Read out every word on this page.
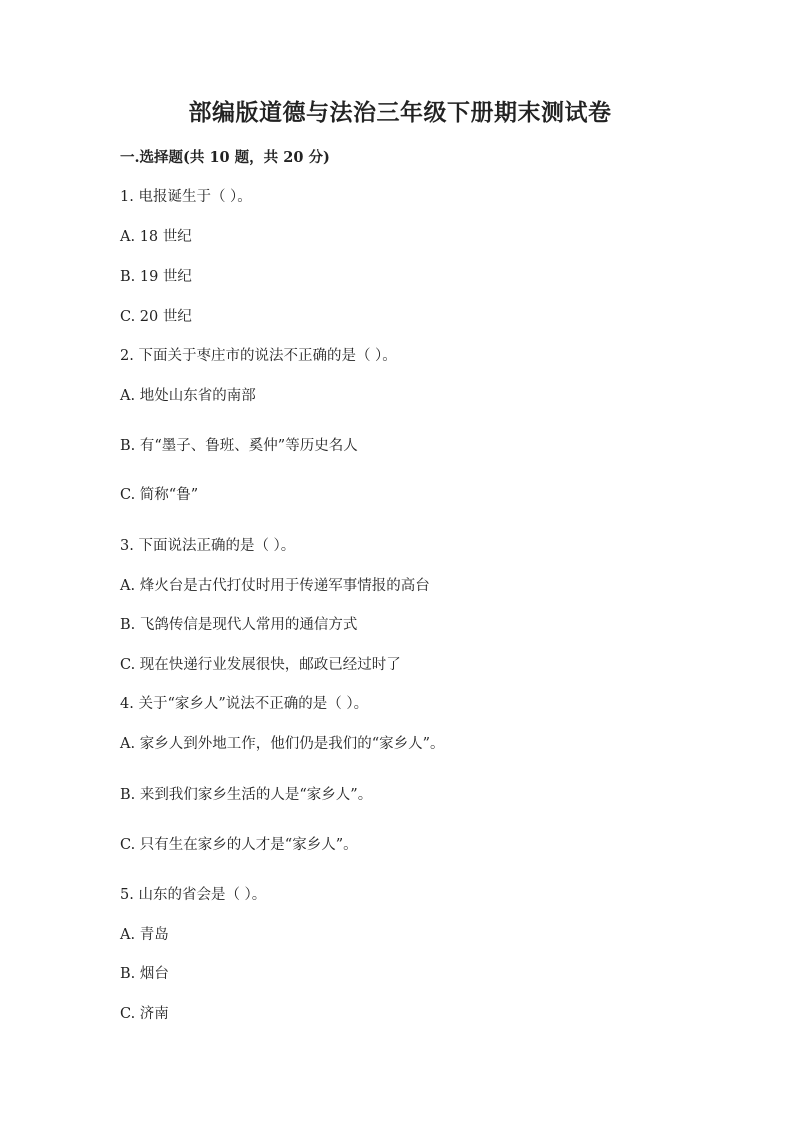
部编版道德与法治三年级下册期末测试卷
一.选择题(共 10 题，共 20 分)
1. 电报诞生于（ ）。
A. 18 世纪
B. 19 世纪
C. 20 世纪
2. 下面关于枣庄市的说法不正确的是（ ）。
A. 地处山东省的南部
B. 有“墨子、鲁班、奚仲”等历史名人
C. 简称“鲁”
3. 下面说法正确的是（ ）。
A. 烽火台是古代打仗时用于传递军事情报的高台
B. 飞鸽传信是现代人常用的通信方式
C. 现在快递行业发展很快，邮政已经过时了
4. 关于“家乡人”说法不正确的是（ ）。
A. 家乡人到外地工作，他们仍是我们的“家乡人”。
B. 来到我们家乡生活的人是“家乡人”。
C. 只有生在家乡的人才是“家乡人”。
5. 山东的省会是（ ）。
A. 青岛
B. 烟台
C. 济南
